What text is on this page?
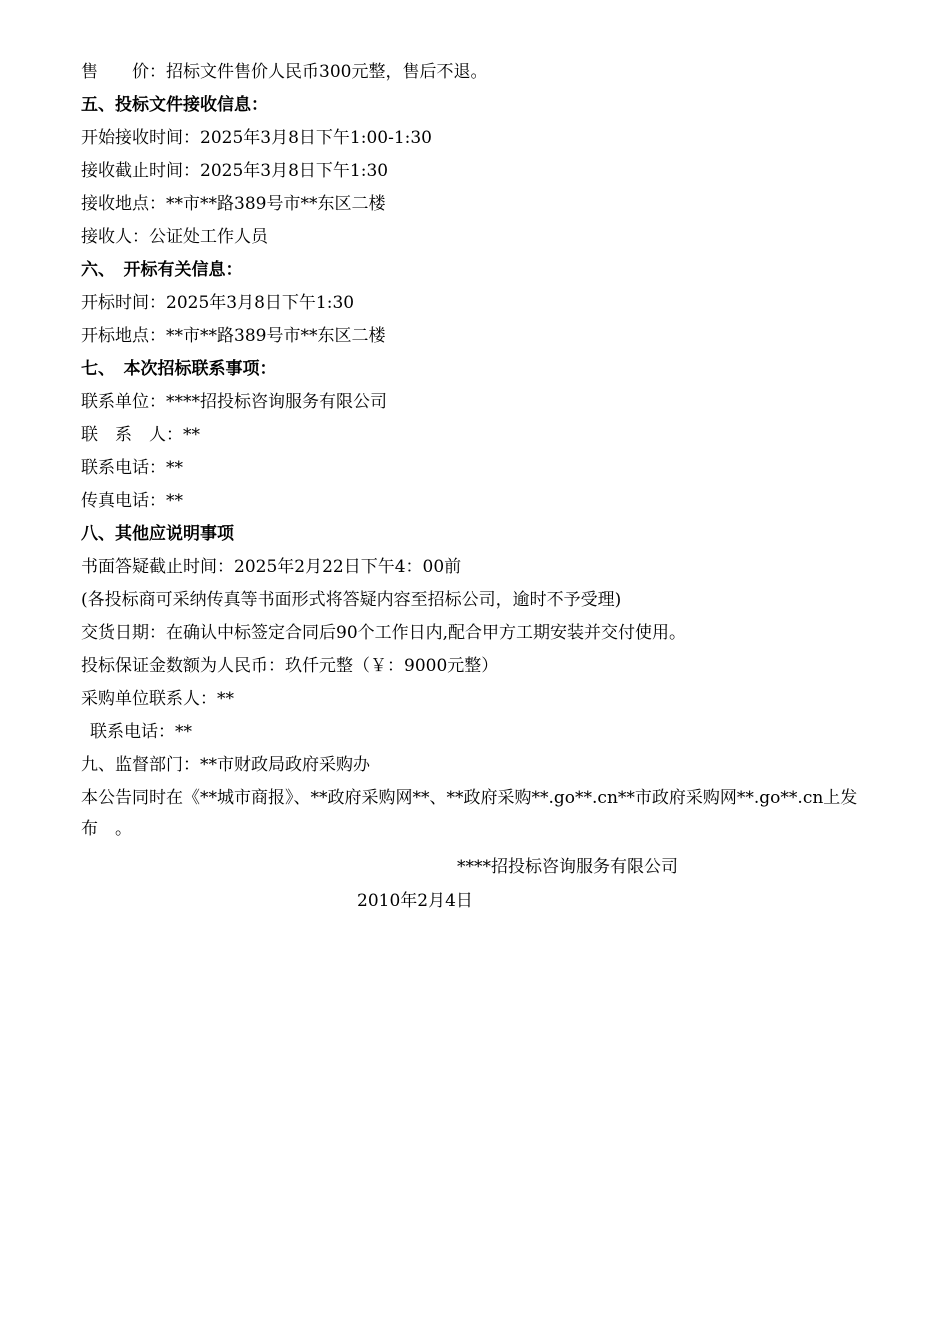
售　　价：招标文件售价人民币300元整，售后不退。
五、投标文件接收信息：
开始接收时间：2025年3月8日下午1:00-1:30
接收截止时间：2025年3月8日下午1:30
接收地点：**市**路389号市**东区二楼
接收人：公证处工作人员
六、　开标有关信息：
开标时间：2025年3月8日下午1:30
开标地点：**市**路389号市**东区二楼
七、　本次招标联系事项：
联系单位：****招投标咨询服务有限公司
联　系　人：**
联系电话：**
传真电话：**
八、其他应说明事项
书面答疑截止时间：2025年2月22日下午4：00前
(各投标商可采纳传真等书面形式将答疑内容至招标公司，逾时不予受理)
交货日期：在确认中标签定合同后90个工作日内,配合甲方工期安装并交付使用。
投标保证金数额为人民币：玖仟元整（￥：9000元整）
采购单位联系人：**
联系电话：**
九、监督部门：**市财政局政府采购办
本公告同时在《**城市商报》、**政府采购网**、**政府采购**.go**.cn**市政府采购网**.go**.cn上发布　。
****招投标咨询服务有限公司
2010年2月4日
